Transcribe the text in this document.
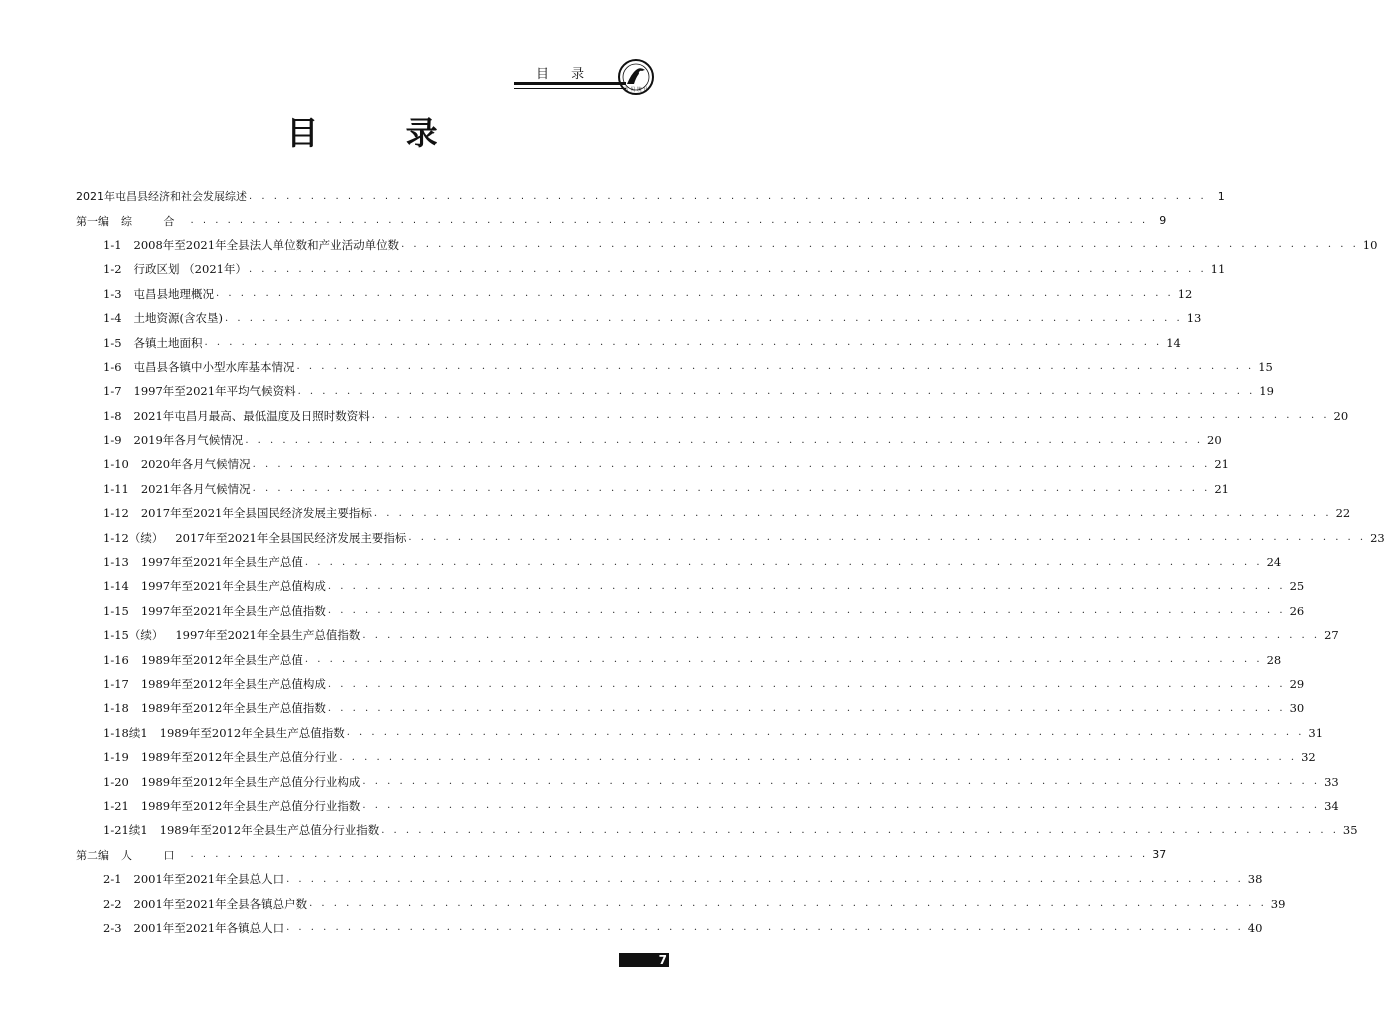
目 录
雪 贝 统 计
目 录
2021年屯昌县经济和社会发展综述 . . . . . . . . . . . . . . . . . . . . . . . . . . . . . . . . . . . . . . . . . . . . . . . . . . . . . . . . . . . . . . . . . . . . . . . . . . . . . .	1
第一编 综 合 . . . . . . . . . . . . . . . . . . . . . . . . . . . . . . . . . . . . . . . . . . . . . . . . . . . . . . . . . . . . . . . . . . . . . . . . . . . . . .	9
1-1 2008年至2021年全县法人单位数和产业活动单位数 . . . . . . . . . . . . . . . . . . . . . . . . . . . . . . . . . . . . . . . . . . . . . . . . . . . . . . . . . . . . . . . . . . . . . . . . . . . . . . 10
1-2 行政区划 （2021年） . . . . . . . . . . . . . . . . . . . . . . . . . . . . . . . . . . . . . . . . . . . . . . . . . . . . . . . . . . . . . . . . . . . . . . . . . . . . . . 11
1-3 屯昌县地理概况 . . . . . . . . . . . . . . . . . . . . . . . . . . . . . . . . . . . . . . . . . . . . . . . . . . . . . . . . . . . . . . . . . . . . . . . . . . . . . . 12
1-4 土地资源(含农垦) . . . . . . . . . . . . . . . . . . . . . . . . . . . . . . . . . . . . . . . . . . . . . . . . . . . . . . . . . . . . . . . . . . . . . . . . . . . . . . 13
1-5 各镇土地面积 . . . . . . . . . . . . . . . . . . . . . . . . . . . . . . . . . . . . . . . . . . . . . . . . . . . . . . . . . . . . . . . . . . . . . . . . . . . . . . 14
1-6 屯昌县各镇中小型水库基本情况 . . . . . . . . . . . . . . . . . . . . . . . . . . . . . . . . . . . . . . . . . . . . . . . . . . . . . . . . . . . . . . . . . . . . . . . . . . . . . . 15
1-7 1997年至2021年平均气候资料 . . . . . . . . . . . . . . . . . . . . . . . . . . . . . . . . . . . . . . . . . . . . . . . . . . . . . . . . . . . . . . . . . . . . . . . . . . . . . . 19
1-8 2021年屯昌月最高、最低温度及日照时数资料 . . . . . . . . . . . . . . . . . . . . . . . . . . . . . . . . . . . . . . . . . . . . . . . . . . . . . . . . . . . . . . . . . . . . . . . . . . . . . . 20
1-9 2019年各月气候情况 . . . . . . . . . . . . . . . . . . . . . . . . . . . . . . . . . . . . . . . . . . . . . . . . . . . . . . . . . . . . . . . . . . . . . . . . . . . . . . 20
1-10 2020年各月气候情况 . . . . . . . . . . . . . . . . . . . . . . . . . . . . . . . . . . . . . . . . . . . . . . . . . . . . . . . . . . . . . . . . . . . . . . . . . . . . . . 21
1-11 2021年各月气候情况 . . . . . . . . . . . . . . . . . . . . . . . . . . . . . . . . . . . . . . . . . . . . . . . . . . . . . . . . . . . . . . . . . . . . . . . . . . . . . . 21
1-12 2017年至2021年全县国民经济发展主要指标 . . . . . . . . . . . . . . . . . . . . . . . . . . . . . . . . . . . . . . . . . . . . . . . . . . . . . . . . . . . . . . . . . . . . . . . . . . . . . . 22
1-12（续） 2017年至2021年全县国民经济发展主要指标 . . . . . . . . . . . . . . . . . . . . . . . . . . . . . . . . . . . . . . . . . . . . . . . . . . . . . . . . . . . . . . . . . . . . . . . . . . . . . . 23
1-13 1997年至2021年全县生产总值 . . . . . . . . . . . . . . . . . . . . . . . . . . . . . . . . . . . . . . . . . . . . . . . . . . . . . . . . . . . . . . . . . . . . . . . . . . . . . . 24
1-14 1997年至2021年全县生产总值构成 . . . . . . . . . . . . . . . . . . . . . . . . . . . . . . . . . . . . . . . . . . . . . . . . . . . . . . . . . . . . . . . . . . . . . . . . . . . . . . 25
1-15 1997年至2021年全县生产总值指数 . . . . . . . . . . . . . . . . . . . . . . . . . . . . . . . . . . . . . . . . . . . . . . . . . . . . . . . . . . . . . . . . . . . . . . . . . . . . . . 26
1-15（续） 1997年至2021年全县生产总值指数 . . . . . . . . . . . . . . . . . . . . . . . . . . . . . . . . . . . . . . . . . . . . . . . . . . . . . . . . . . . . . . . . . . . . . . . . . . . . . . 27
1-16 1989年至2012年全县生产总值 . . . . . . . . . . . . . . . . . . . . . . . . . . . . . . . . . . . . . . . . . . . . . . . . . . . . . . . . . . . . . . . . . . . . . . . . . . . . . . 28
1-17 1989年至2012年全县生产总值构成 . . . . . . . . . . . . . . . . . . . . . . . . . . . . . . . . . . . . . . . . . . . . . . . . . . . . . . . . . . . . . . . . . . . . . . . . . . . . . . 29
1-18 1989年至2012年全县生产总值指数 . . . . . . . . . . . . . . . . . . . . . . . . . . . . . . . . . . . . . . . . . . . . . . . . . . . . . . . . . . . . . . . . . . . . . . . . . . . . . . 30
1-18续1 1989年至2012年全县生产总值指数 . . . . . . . . . . . . . . . . . . . . . . . . . . . . . . . . . . . . . . . . . . . . . . . . . . . . . . . . . . . . . . . . . . . . . . . . . . . . . . 31
1-19 1989年至2012年全县生产总值分行业 . . . . . . . . . . . . . . . . . . . . . . . . . . . . . . . . . . . . . . . . . . . . . . . . . . . . . . . . . . . . . . . . . . . . . . . . . . . . . . 32
1-20 1989年至2012年全县生产总值分行业构成 . . . . . . . . . . . . . . . . . . . . . . . . . . . . . . . . . . . . . . . . . . . . . . . . . . . . . . . . . . . . . . . . . . . . . . . . . . . . . . 33
1-21 1989年至2012年全县生产总值分行业指数 . . . . . . . . . . . . . . . . . . . . . . . . . . . . . . . . . . . . . . . . . . . . . . . . . . . . . . . . . . . . . . . . . . . . . . . . . . . . . . 34
1-21续1 1989年至2012年全县生产总值分行业指数 . . . . . . . . . . . . . . . . . . . . . . . . . . . . . . . . . . . . . . . . . . . . . . . . . . . . . . . . . . . . . . . . . . . . . . . . . . . . . . 35
第二编 人 口 . . . . . . . . . . . . . . . . . . . . . . . . . . . . . . . . . . . . . . . . . . . . . . . . . . . . . . . . . . . . . . . . . . . . . . . . . . . . . . 37
2-1 2001年至2021年全县总人口 . . . . . . . . . . . . . . . . . . . . . . . . . . . . . . . . . . . . . . . . . . . . . . . . . . . . . . . . . . . . . . . . . . . . . . . . . . . . . . 38
2-2 2001年至2021年全县各镇总户数 . . . . . . . . . . . . . . . . . . . . . . . . . . . . . . . . . . . . . . . . . . . . . . . . . . . . . . . . . . . . . . . . . . . . . . . . . . . . . . 39
2-3 2001年至2021年各镇总人口 . . . . . . . . . . . . . . . . . . . . . . . . . . . . . . . . . . . . . . . . . . . . . . . . . . . . . . . . . . . . . . . . . . . . . . . . . . . . . . 40
7
